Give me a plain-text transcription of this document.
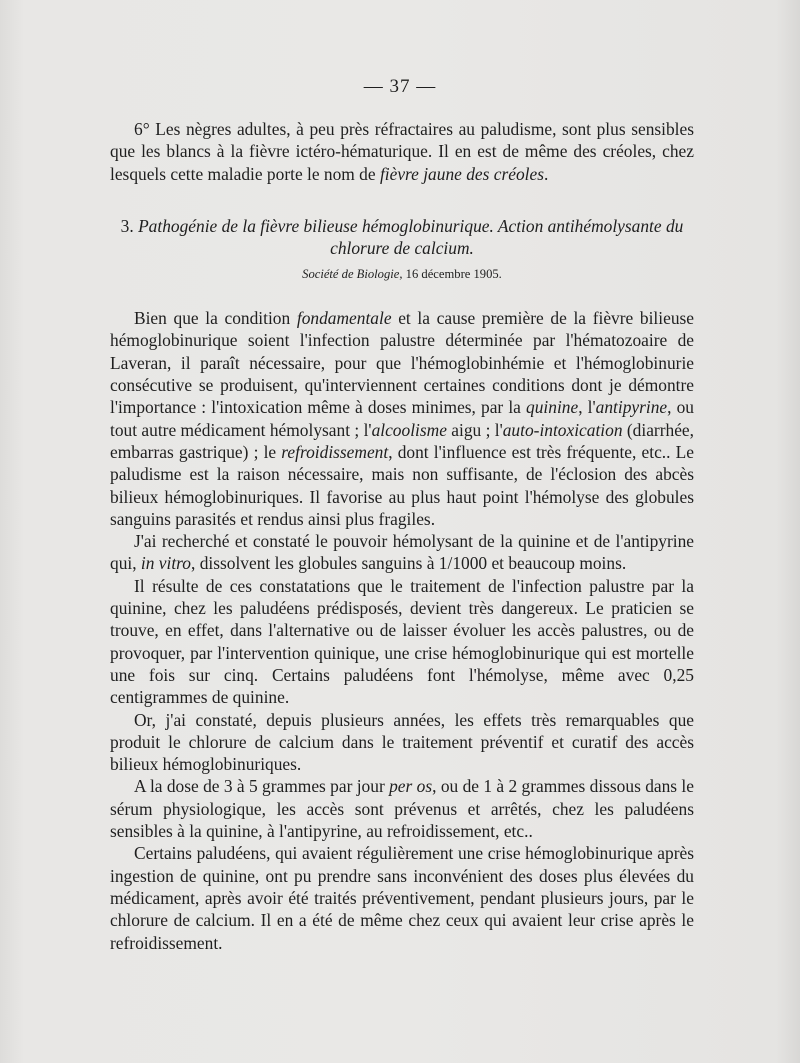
— 37 —

6° Les nègres adultes, à peu près réfractaires au paludisme, sont plus sensibles que les blancs à la fièvre ictéro-hématurique. Il en est de même des créoles, chez lesquels cette maladie porte le nom de fièvre jaune des créoles.

3. Pathogénie de la fièvre bilieuse hémoglobinurique. Action antihémolysante du chlorure de calcium.
Société de Biologie, 16 décembre 1905.

Bien que la condition fondamentale et la cause première de la fièvre bilieuse hémoglobinurique soient l'infection palustre déterminée par l'hématozoaire de Laveran, il paraît nécessaire, pour que l'hémoglobinhémie et l'hémoglobinurie consécutive se produisent, qu'interviennent certaines conditions dont je démontre l'importance : l'intoxication même à doses minimes, par la quinine, l'antipyrine, ou tout autre médicament hémolysant ; l'alcoolisme aigu ; l'auto-intoxication (diarrhée, embarras gastrique) ; le refroidissement, dont l'influence est très fréquente, etc.. Le paludisme est la raison nécessaire, mais non suffisante, de l'éclosion des abcès bilieux hémoglobinuriques. Il favorise au plus haut point l'hémolyse des globules sanguins parasités et rendus ainsi plus fragiles.

J'ai recherché et constaté le pouvoir hémolysant de la quinine et de l'antipyrine qui, in vitro, dissolvent les globules sanguins à 1/1000 et beaucoup moins.

Il résulte de ces constatations que le traitement de l'infection palustre par la quinine, chez les paludéens prédisposés, devient très dangereux. Le praticien se trouve, en effet, dans l'alternative ou de laisser évoluer les accès palustres, ou de provoquer, par l'intervention quinique, une crise hémoglobinurique qui est mortelle une fois sur cinq. Certains paludéens font l'hémolyse, même avec 0,25 centigrammes de quinine.

Or, j'ai constaté, depuis plusieurs années, les effets très remarquables que produit le chlorure de calcium dans le traitement préventif et curatif des accès bilieux hémoglobinuriques.

A la dose de 3 à 5 grammes par jour per os, ou de 1 à 2 grammes dissous dans le sérum physiologique, les accès sont prévenus et arrêtés, chez les paludéens sensibles à la quinine, à l'antipyrine, au refroidissement, etc..

Certains paludéens, qui avaient régulièrement une crise hémoglobinurique après ingestion de quinine, ont pu prendre sans inconvénient des doses plus élevées du médicament, après avoir été traités préventivement, pendant plusieurs jours, par le chlorure de calcium. Il en a été de même chez ceux qui avaient leur crise après le refroidissement.
